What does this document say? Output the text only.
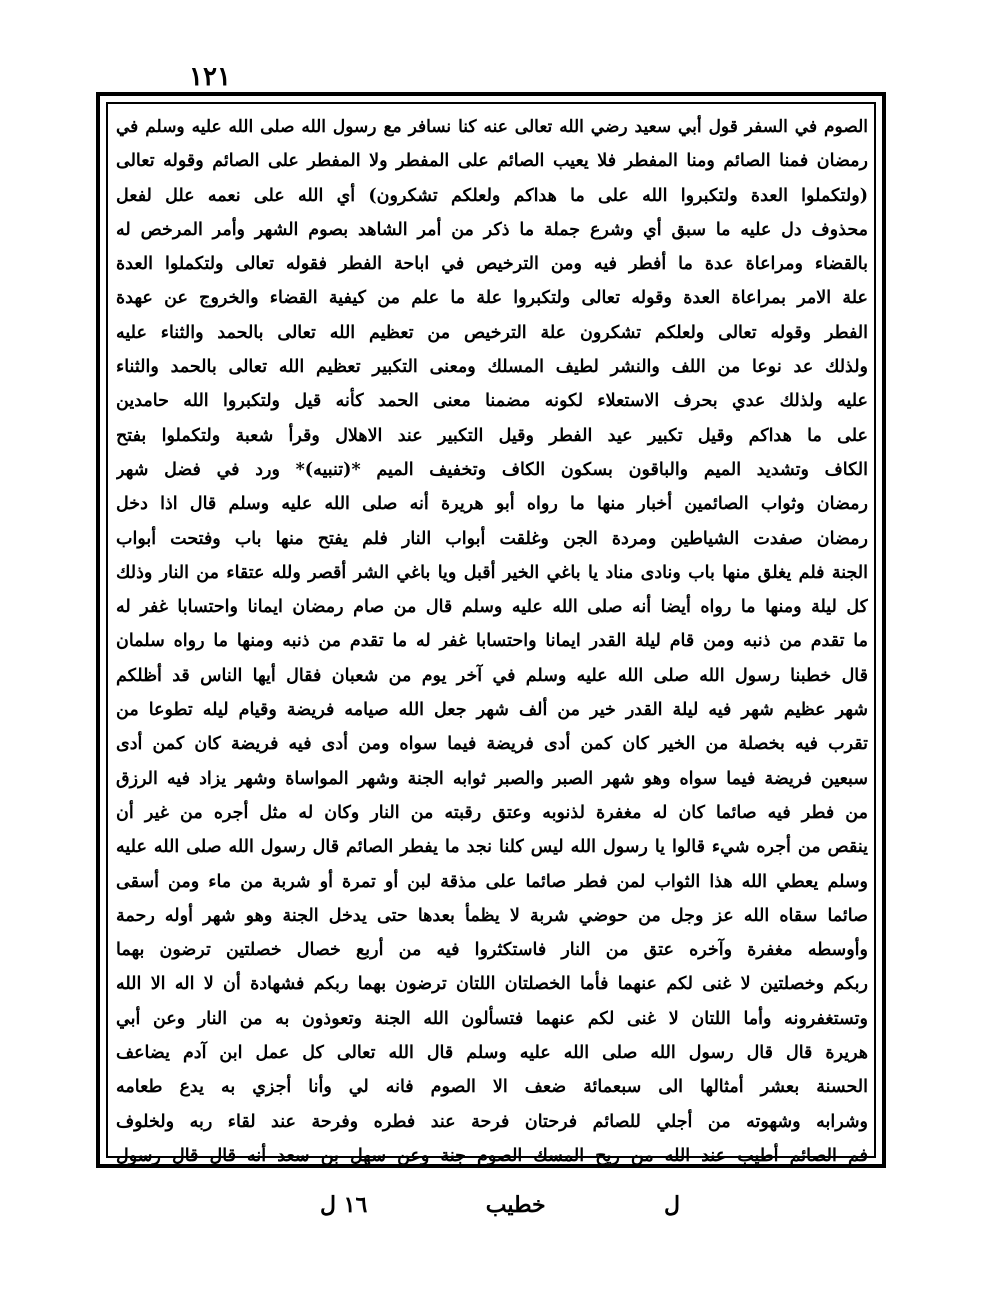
١٢١
الصوم في السفر قول أبي سعيد رضي الله تعالى عنه كنا نسافر مع رسول الله صلى الله عليه وسلم في
رمضان فمنا الصائم ومنا المفطر فلا يعيب الصائم على المفطر ولا المفطر على الصائم وقوله تعالى
(ولتكملوا العدة ولتكبروا الله على ما هداكم ولعلكم تشكرون) أي الله على نعمه علل لفعل
محذوف دل عليه ما سبق أي وشرع جملة ما ذكر من أمر الشاهد بصوم الشهر وأمر المرخص له
بالقضاء ومراعاة عدة ما أفطر فيه ومن الترخيص في اباحة الفطر فقوله تعالى ولتكملوا العدة
علة الامر بمراعاة العدة وقوله تعالى ولتكبروا علة ما علم من كيفية القضاء والخروج عن عهدة
الفطر وقوله تعالى ولعلكم تشكرون علة الترخيص من تعظيم الله تعالى بالحمد والثناء عليه
ولذلك عد نوعا من اللف والنشر لطيف المسلك ومعنى التكبير تعظيم الله تعالى بالحمد والثناء
عليه ولذلك عدي بحرف الاستعلاء لكونه مضمنا معنى الحمد كأنه قيل ولتكبروا الله حامدين
على ما هداكم وقيل تكبير عيد الفطر وقيل التكبير عند الاهلال وقرأ شعبة ولتكملوا بفتح
الكاف وتشديد الميم والباقون بسكون الكاف وتخفيف الميم *(تنبيه)* ورد في فضل شهر
رمضان وثواب الصائمين أخبار منها ما رواه أبو هريرة أنه صلى الله عليه وسلم قال اذا دخل
رمضان صفدت الشياطين ومردة الجن وغلقت أبواب النار فلم يفتح منها باب وفتحت أبواب
الجنة فلم يغلق منها باب ونادى مناد يا باغي الخير أقبل ويا باغي الشر أقصر ولله عتقاء من النار وذلك
كل ليلة ومنها ما رواه أيضا أنه صلى الله عليه وسلم قال من صام رمضان ايمانا واحتسابا غفر له
ما تقدم من ذنبه ومن قام ليلة القدر ايمانا واحتسابا غفر له ما تقدم من ذنبه ومنها ما رواه سلمان
قال خطبنا رسول الله صلى الله عليه وسلم في آخر يوم من شعبان فقال أيها الناس قد أظلكم
شهر عظيم شهر فيه ليلة القدر خير من ألف شهر جعل الله صيامه فريضة وقيام ليله تطوعا من
تقرب فيه بخصلة من الخير كان كمن أدى فريضة فيما سواه ومن أدى فيه فريضة كان كمن أدى
سبعين فريضة فيما سواه وهو شهر الصبر والصبر ثوابه الجنة وشهر المواساة وشهر يزاد فيه الرزق
من فطر فيه صائما كان له مغفرة لذنوبه وعتق رقبته من النار وكان له مثل أجره من غير أن
ينقص من أجره شيء قالوا يا رسول الله ليس كلنا نجد ما يفطر الصائم قال رسول الله صلى الله عليه
وسلم يعطي الله هذا الثواب لمن فطر صائما على مذقة لبن أو تمرة أو شربة من ماء ومن أسقى
صائما سقاه الله عز وجل من حوضي شربة لا يظمأ بعدها حتى يدخل الجنة وهو شهر أوله رحمة
وأوسطه مغفرة وآخره عتق من النار فاستكثروا فيه من أربع خصال خصلتين ترضون بهما
ربكم وخصلتين لا غنى لكم عنهما فأما الخصلتان اللتان ترضون بهما ربكم فشهادة أن لا اله الا الله
وتستغفرونه وأما اللتان لا غنى لكم عنهما فتسألون الله الجنة وتعوذون به من النار وعن أبي
هريرة قال قال رسول الله صلى الله عليه وسلم قال الله تعالى كل عمل ابن آدم يضاعف
الحسنة بعشر أمثالها الى سبعمائة ضعف الا الصوم فانه لي وأنا أجزي به يدع طعامه
وشرابه وشهوته من أجلي للصائم فرحتان فرحة عند فطره وفرحة عند لقاء ربه ولخلوف
فم الصائم أطيب عند الله من ريح المسك الصوم جنة وعن سهل بن سعد أنه قال قال رسول
ل
خطيب
١٦ ل
